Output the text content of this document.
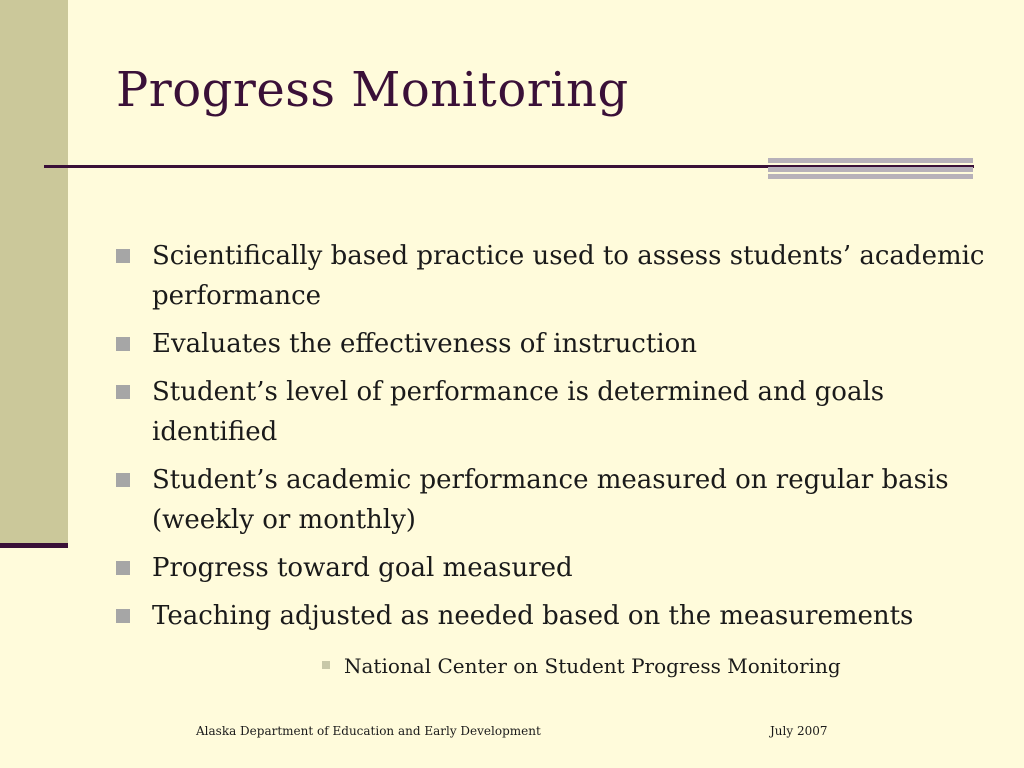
Progress Monitoring
Scientifically based practice used to assess students’ academic performance
Evaluates the effectiveness of instruction
Student’s level of performance is determined and goals identified
Student’s academic performance measured on regular basis (weekly or monthly)
Progress toward goal measured
Teaching adjusted as needed based on the measurements
National Center on Student Progress Monitoring
Alaska Department of Education and Early Development	July 2007
